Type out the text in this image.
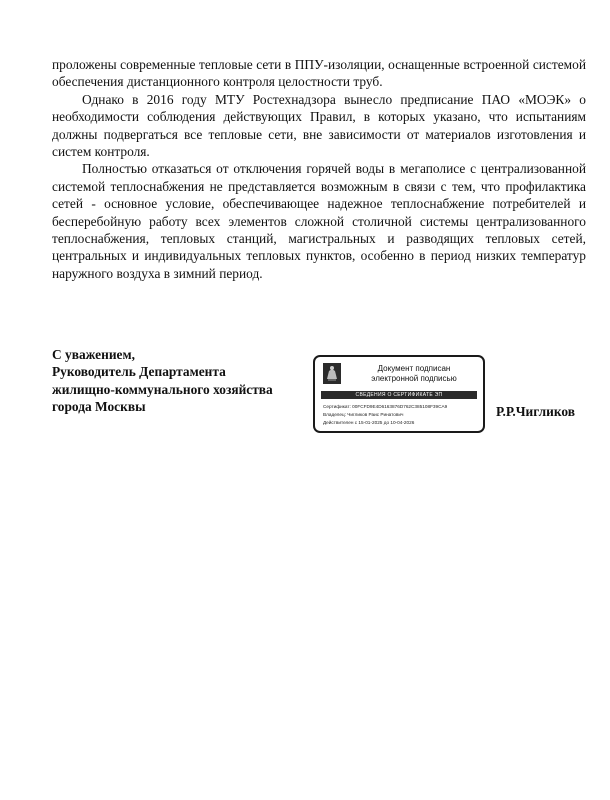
проложены современные тепловые сети в ППУ-изоляции, оснащенные встроенной системой обеспечения дистанционного контроля целостности труб.

Однако в 2016 году МТУ Ростехнадзора вынесло предписание ПАО «МОЭК» о необходимости соблюдения действующих Правил, в которых указано, что испытаниям должны подвергаться все тепловые сети, вне зависимости от материалов изготовления и систем контроля.

Полностью отказаться от отключения горячей воды в мегаполисе с централизованной системой теплоснабжения не представляется возможным в связи с тем, что профилактика сетей - основное условие, обеспечивающее надежное теплоснабжение потребителей и бесперебойную работу всех элементов сложной столичной системы централизованного теплоснабжения, тепловых станций, магистральных и разводящих тепловых сетей, центральных и индивидуальных тепловых пунктов, особенно в период низких температур наружного воздуха в зимний период.

С уважением,
Руководитель Департамента
жилищно-коммунального хозяйства
города Москвы
Документ подписан
электронной подписью
СВЕДЕНИЯ О СЕРТИФИКАТЕ ЭП
Сертификат: 00FCFD9E4D6163876D762C385108F39CA9
Владелец: Чигликов Раис Ринатович
Действителен с 15-01-2025 до 10-04-2026
Р.Р.Чигликов
